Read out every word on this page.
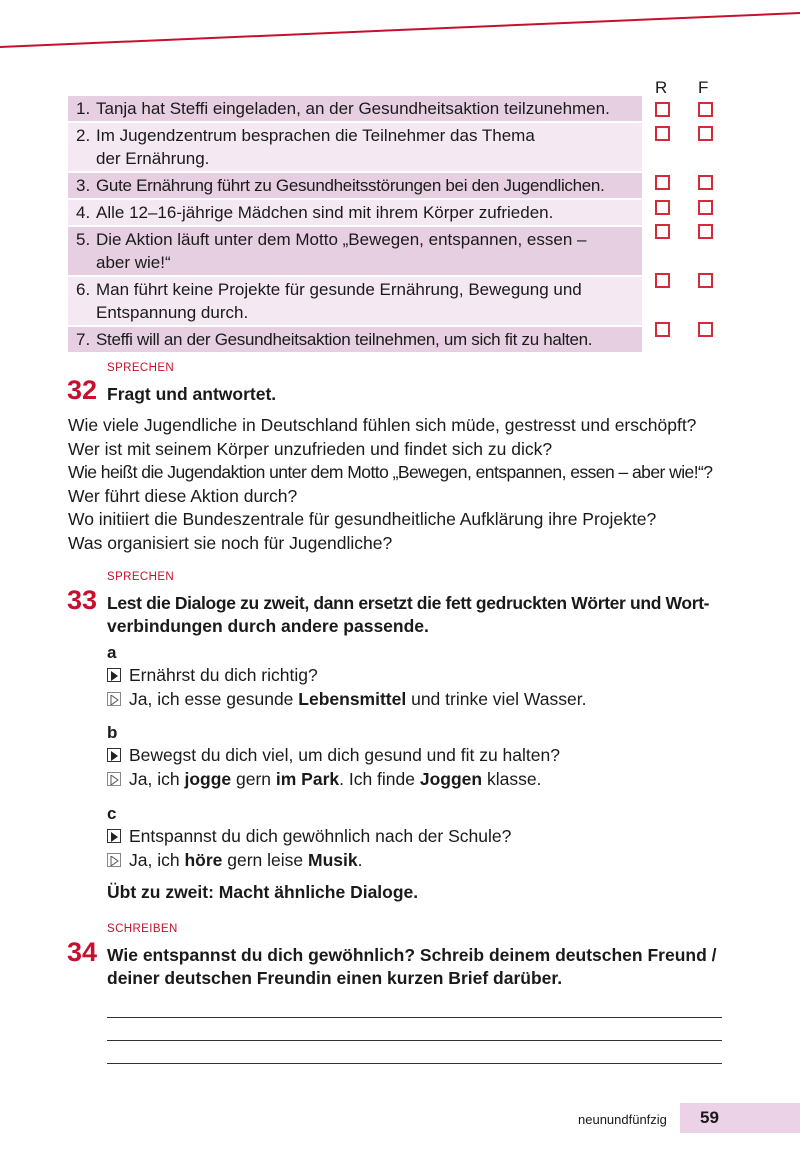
R F
1. Tanja hat Steffi eingeladen, an der Gesundheitsaktion teilzunehmen.
2. Im Jugendzentrum besprachen die Teilnehmer das Thema der Ernährung.
3. Gute Ernährung führt zu Gesundheitsstörungen bei den Jugendlichen.
4. Alle 12–16-jährige Mädchen sind mit ihrem Körper zufrieden.
5. Die Aktion läuft unter dem Motto „Bewegen, entspannen, essen – aber wie!“
6. Man führt keine Projekte für gesunde Ernährung, Bewegung und Entspannung durch.
7. Steffi will an der Gesundheitsaktion teilnehmen, um sich fit zu halten.
SPRECHEN
32 Fragt und antwortet.
Wie viele Jugendliche in Deutschland fühlen sich müde, gestresst und erschöpft?
Wer ist mit seinem Körper unzufrieden und findet sich zu dick?
Wie heißt die Jugendaktion unter dem Motto „Bewegen, entspannen, essen – aber wie!“?
Wer führt diese Aktion durch?
Wo initiiert die Bundeszentrale für gesundheitliche Aufklärung ihre Projekte?
Was organisiert sie noch für Jugendliche?
SPRECHEN
33 Lest die Dialoge zu zweit, dann ersetzt die fett gedruckten Wörter und Wort-
verbindungen durch andere passende.
a
Ernährst du dich richtig?
Ja, ich esse gesunde Lebensmittel und trinke viel Wasser.
b
Bewegst du dich viel, um dich gesund und fit zu halten?
Ja, ich jogge gern im Park . Ich finde Joggen klasse.
c
Entspannst du dich gewöhnlich nach der Schule?
Ja, ich höre gern leise Musik .
Übt zu zweit: Macht ähnliche Dialoge.
SCHREIBEN
34 Wie entspannst du dich gewöhnlich? Schreib deinem deutschen Freund /
deiner deutschen Freundin einen kurzen Brief darüber.
neunundfünfzig 59
